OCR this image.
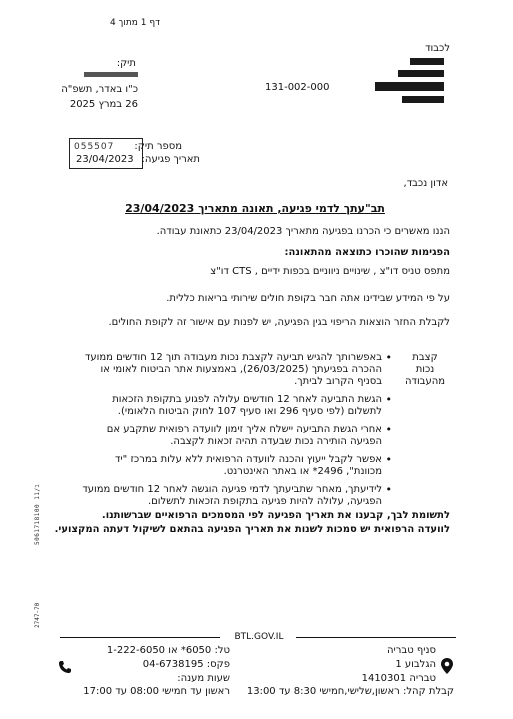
דף 1 מתוך 4
לכבוד
131-002-000
תיק:
כ"ו באדר, תשפ"ה
26 במרץ 2025
מספר תיק:
055507
תאריך פגיעה:
23/04/2023
אדון נכבד,
תב"עתך לדמי פגיעה, תאונה מתאריך 23/04/2023
הננו מאשרים כי הכרנו בפגיעה מתאריך 23/04/2023 כתאונת עבודה.
הפגימות שהוכרו כתוצאה מהתאונה:
מתפס טניס דו"צ , שינויים ניווניים בכפות ידיים , CTS דו"צ
על פי המידע שבידינו אתה חבר בקופת חולים שירותי בריאות כללית.
לקבלת החזר הוצאות הריפוי בגין הפגיעה, יש לפנות עם אישור זה לקופת החולים.
קצבת
נכות
מהעבודה
• באפשרותך להגיש תביעה לקצבת נכות מעבודה תוך 12 חודשים ממועד ההכרה בפגיעתך (26/03/2025), באמצעות אתר הביטוח לאומי או בסניף הקרוב לביתך.
• הגשת התביעה לאחר 12 חודשים עלולה לפגוע בתקופת הזכאות לתשלום (לפי סעיף 296 ואו סעיף 107 לחוק הביטוח הלאומי).
• אחרי הגשת התביעה יישלח אליך זימון לוועדה רפואית שתקבע אם הפגיעה הותירה נכות שבעדה תהיה זכאות לקצבה.
• אפשר לקבל ייעוץ והכנה לוועדה הרפואית ללא עלות במרכז "יד מכוונת", 2496* או באתר האינטרנט.
• לידיעתך, מאחר שתביעתך לדמי פגיעה הוגשה לאחר 12 חודשים ממועד הפגיעה, עלולה להיות פגיעה בתקופת הזכאות לתשלום.
לתשומת לבך, קבענו את תאריך הפגיעה לפי המסמכים הרפואיים שברשותנו.
לוועדה הרפואית יש סמכות לשנות את תאריך הפגיעה בהתאם לשיקול דעתה המקצועי.
5061718100 ב/11
2747-70
BTL.GOV.IL
סניף טבריה
הגלבוע 1
טבריה 1410301
קבלת קהל: ראשון,שלישי,חמישי 8:30 עד 13:00
טל: 6050* או 1-222-6050
פקס: 04-6738195
שעות מענה:
ראשון עד חמישי 08:00 עד 17:00
